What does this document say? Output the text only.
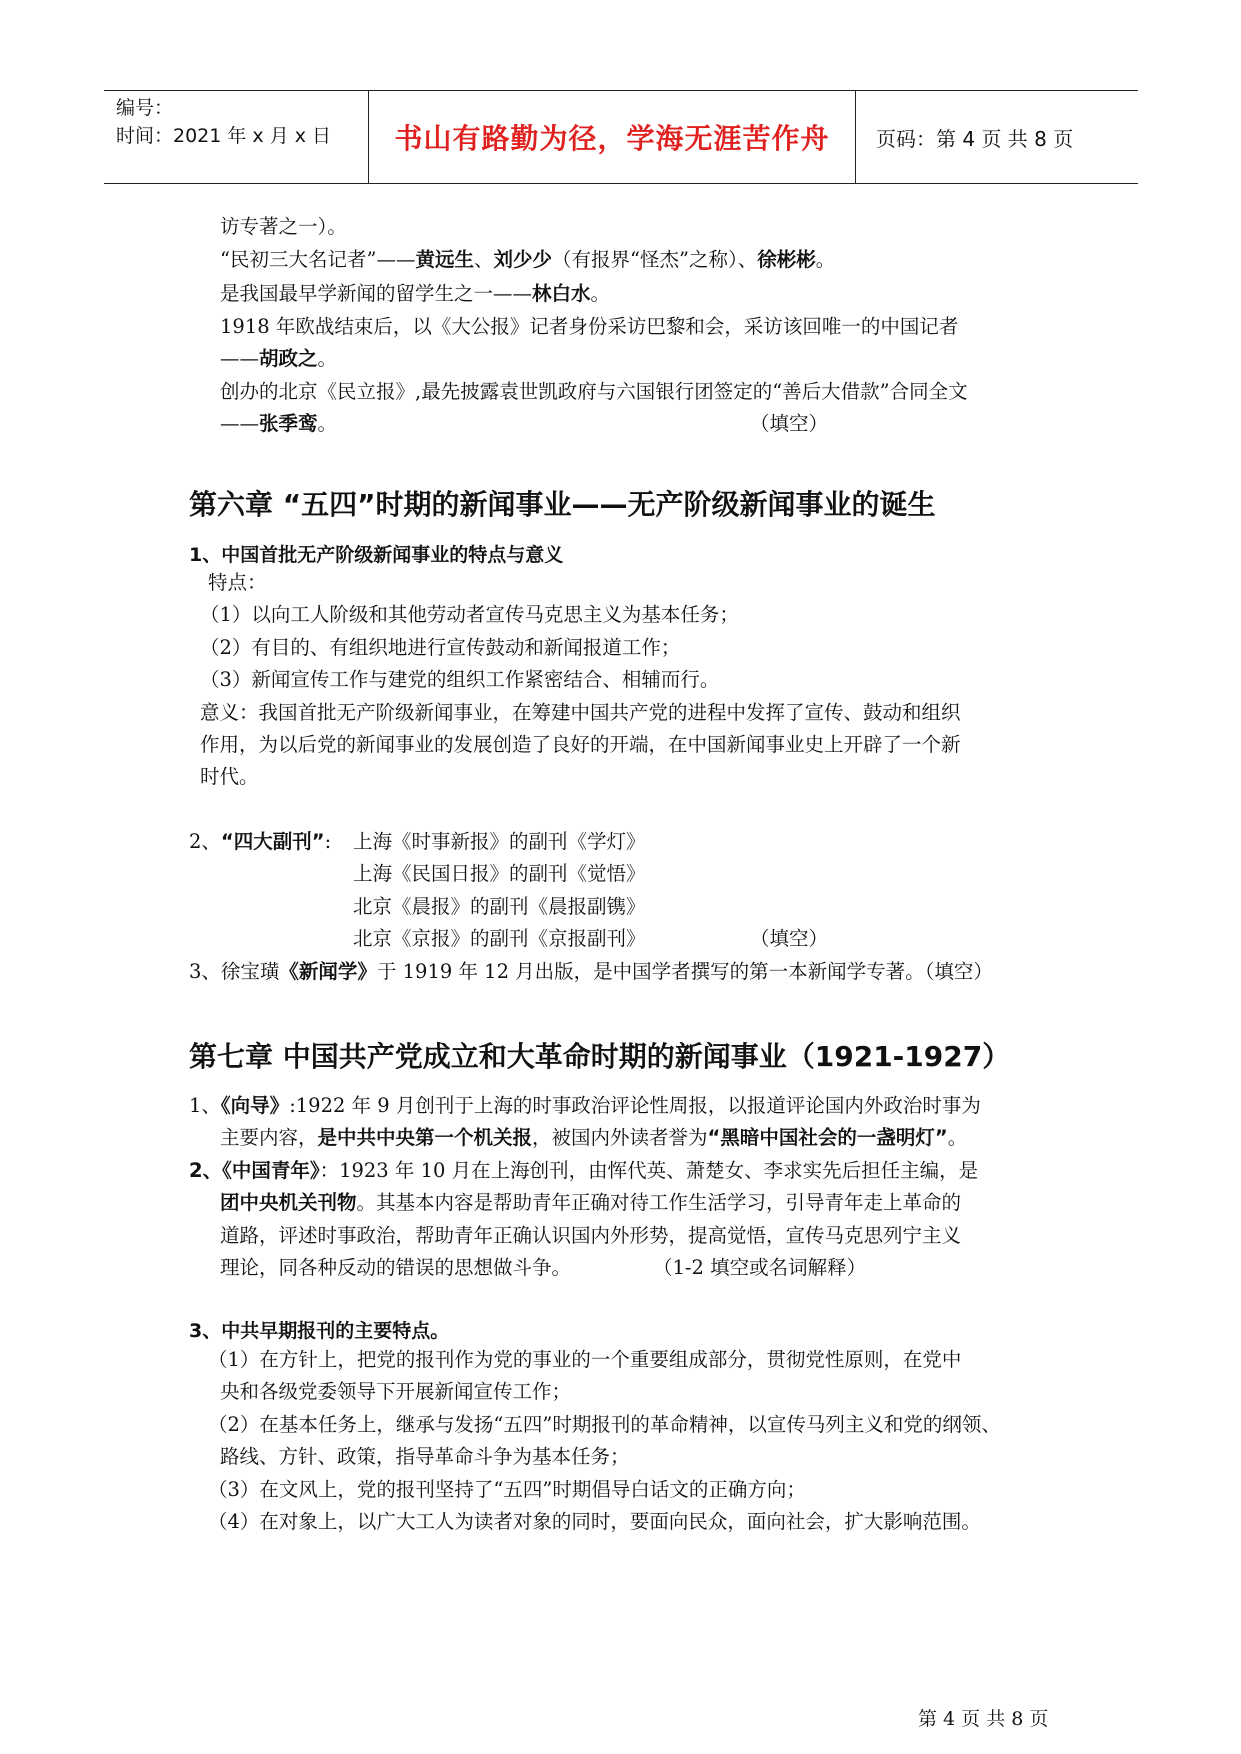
编号：
时间：2021 年 x 月 x 日 书山有路勤为径，学海无涯苦作舟 页码：第 4 页 共 8 页
访专著之一）。
“民初三大名记者”——黄远生、刘少少（有报界“怪杰”之称）、徐彬彬。
是我国最早学新闻的留学生之一——林白水。
1918 年欧战结束后，以《大公报》记者身份采访巴黎和会，采访该回唯一的中国记者
——胡政之。
创办的北京《民立报》,最先披露袁世凯政府与六国银行团签定的“善后大借款”合同全文
——张季鸾。	（填空）
第六章 “五四”时期的新闻事业——无产阶级新闻事业的诞生
1、中国首批无产阶级新闻事业的特点与意义
特点：
（1）以向工人阶级和其他劳动者宣传马克思主义为基本任务；
（2）有目的、有组织地进行宣传鼓动和新闻报道工作；
（3）新闻宣传工作与建党的组织工作紧密结合、相辅而行。
意义：我国首批无产阶级新闻事业，在筹建中国共产党的进程中发挥了宣传、鼓动和组织
作用，为以后党的新闻事业的发展创造了良好的开端，在中国新闻事业史上开辟了一个新
时代。
2、“四大副刊”: 上海《时事新报》的副刊《学灯》
上海《民国日报》的副刊《觉悟》
北京《晨报》的副刊《晨报副镌》
北京《京报》的副刊《京报副刊》	（填空）
3、徐宝璜《新闻学》于 1919 年 12 月出版，是中国学者撰写的第一本新闻学专著。（填空）
第七章 中国共产党成立和大革命时期的新闻事业（1921-1927）
1、《向导》:1922 年 9 月创刊于上海的时事政治评论性周报，以报道评论国内外政治时事为
主要内容，是中共中央第一个机关报，被国内外读者誉为“黑暗中国社会的一盏明灯”。
2、《中国青年》：1923 年 10 月在上海创刊，由恽代英、萧楚女、李求实先后担任主编，是
团中央机关刊物。其基本内容是帮助青年正确对待工作生活学习，引导青年走上革命的
道路，评述时事政治，帮助青年正确认识国内外形势，提高觉悟，宣传马克思列宁主义
理论，同各种反动的错误的思想做斗争。	（1-2 填空或名词解释）
3、中共早期报刊的主要特点。
（1）在方针上，把党的报刊作为党的事业的一个重要组成部分，贯彻党性原则，在党中
央和各级党委领导下开展新闻宣传工作；
（2）在基本任务上，继承与发扬“五四”时期报刊的革命精神，以宣传马列主义和党的纲领、
路线、方针、政策，指导革命斗争为基本任务；
（3）在文风上，党的报刊坚持了“五四”时期倡导白话文的正确方向；
（4）在对象上，以广大工人为读者对象的同时，要面向民众，面向社会，扩大影响范围。
第 4 页 共 8 页
